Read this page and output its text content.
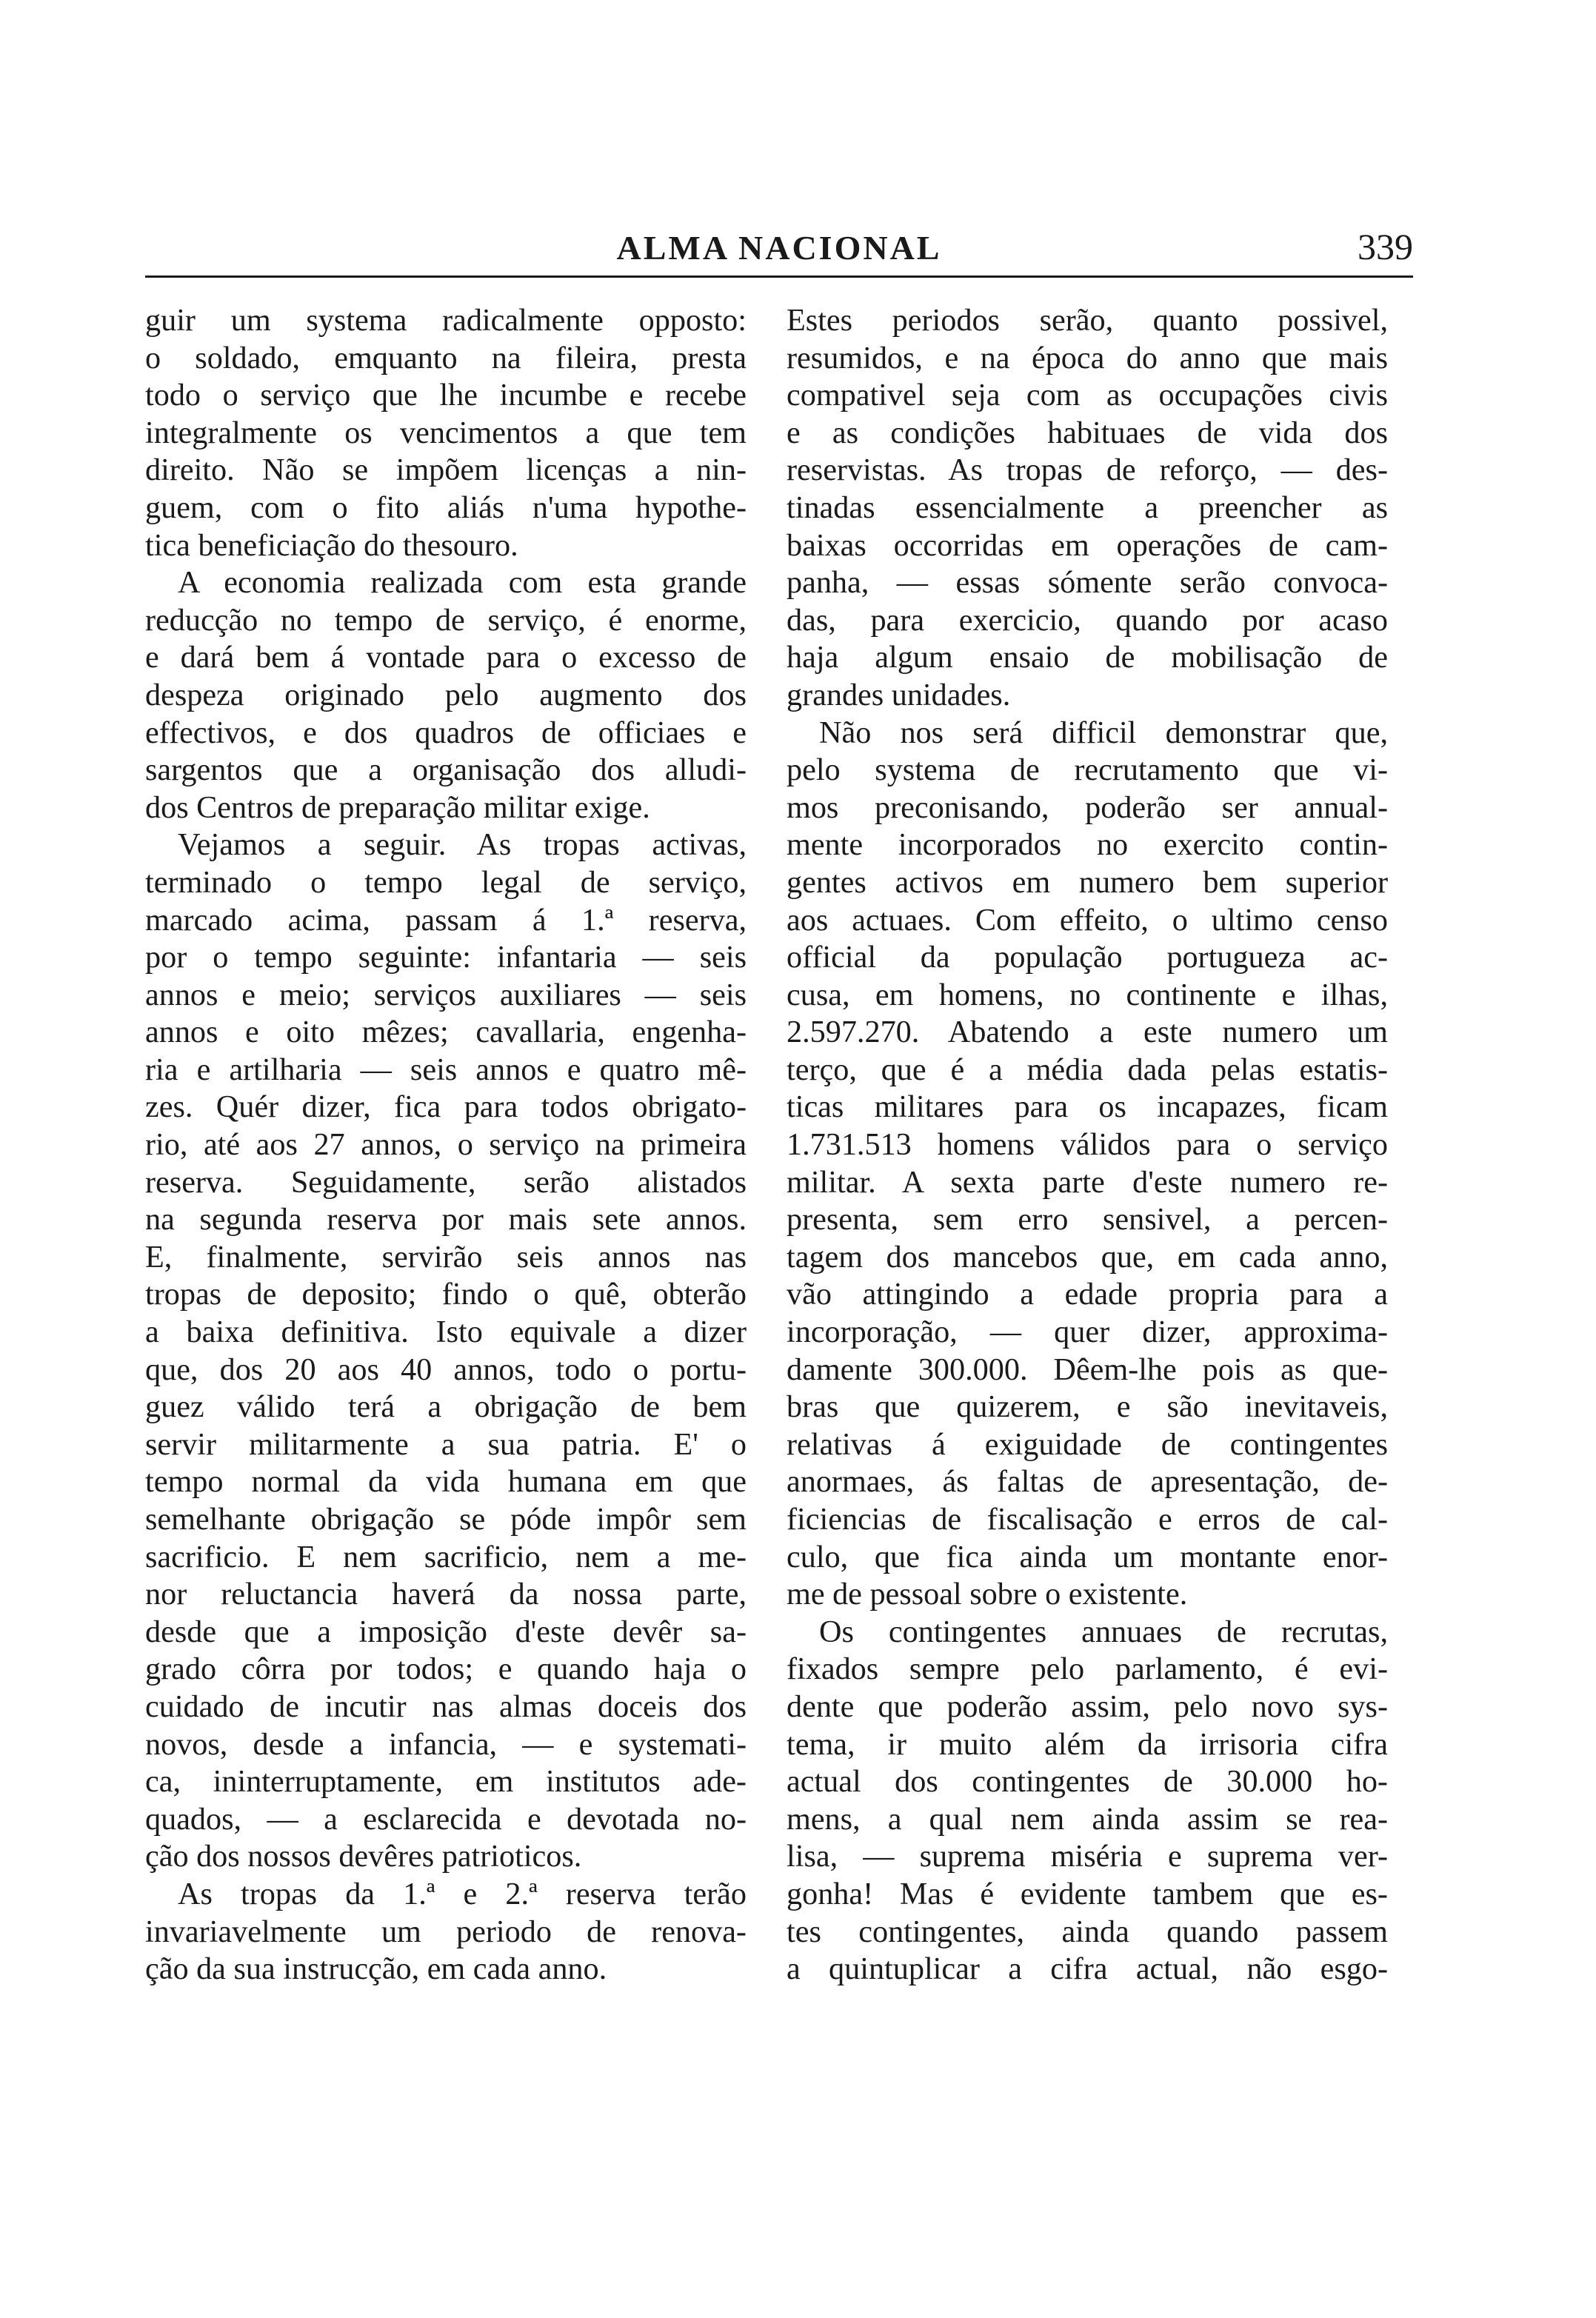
ALMA NACIONAL	339
guir um systema radicalmente opposto:
o soldado, emquanto na fileira, presta
todo o serviço que lhe incumbe e recebe
integralmente os vencimentos a que tem
direito. Não se impõem licenças a nin-
guem, com o fito aliás n'uma hypothe-
tica beneficiação do thesouro.
A economia realizada com esta grande
reducção no tempo de serviço, é enorme,
e dará bem á vontade para o excesso de
despeza originado pelo augmento dos
effectivos, e dos quadros de officiaes e
sargentos que a organisação dos alludi-
dos Centros de preparação militar exige.
Vejamos a seguir. As tropas activas,
terminado o tempo legal de serviço,
marcado acima, passam á 1.ª reserva,
por o tempo seguinte: infantaria — seis
annos e meio; serviços auxiliares — seis
annos e oito mêzes; cavallaria, engenha-
ria e artilharia — seis annos e quatro mê-
zes. Quér dizer, fica para todos obrigato-
rio, até aos 27 annos, o serviço na primeira
reserva. Seguidamente, serão alistados
na segunda reserva por mais sete annos.
E, finalmente, servirão seis annos nas
tropas de deposito; findo o quê, obterão
a baixa definitiva. Isto equivale a dizer
que, dos 20 aos 40 annos, todo o portu-
guez válido terá a obrigação de bem
servir militarmente a sua patria. E' o
tempo normal da vida humana em que
semelhante obrigação se póde impôr sem
sacrificio. E nem sacrificio, nem a me-
nor reluctancia haverá da nossa parte,
desde que a imposição d'este devêr sa-
grado côrra por todos; e quando haja o
cuidado de incutir nas almas doceis dos
novos, desde a infancia, — e systemati-
ca, ininterruptamente, em institutos ade-
quados, — a esclarecida e devotada no-
ção dos nossos devêres patrioticos.
As tropas da 1.ª e 2.ª reserva terão
invariavelmente um periodo de renova-
ção da sua instrucção, em cada anno.
Estes periodos serão, quanto possivel,
resumidos, e na época do anno que mais
compativel seja com as occupações civis
e as condições habituaes de vida dos
reservistas. As tropas de reforço, — des-
tinadas essencialmente a preencher as
baixas occorridas em operações de cam-
panha, — essas sómente serão convoca-
das, para exercicio, quando por acaso
haja algum ensaio de mobilisação de
grandes unidades.
Não nos será difficil demonstrar que,
pelo systema de recrutamento que vi-
mos preconisando, poderão ser annual-
mente incorporados no exercito contin-
gentes activos em numero bem superior
aos actuaes. Com effeito, o ultimo censo
official da população portugueza ac-
cusa, em homens, no continente e ilhas,
2.597.270. Abatendo a este numero um
terço, que é a média dada pelas estatis-
ticas militares para os incapazes, ficam
1.731.513 homens válidos para o serviço
militar. A sexta parte d'este numero re-
presenta, sem erro sensivel, a percen-
tagem dos mancebos que, em cada anno,
vão attingindo a edade propria para a
incorporação, — quer dizer, approxima-
damente 300.000. Dêem-lhe pois as que-
bras que quizerem, e são inevitaveis,
relativas á exiguidade de contingentes
anormaes, ás faltas de apresentação, de-
ficiencias de fiscalisação e erros de cal-
culo, que fica ainda um montante enor-
me de pessoal sobre o existente.
Os contingentes annuaes de recrutas,
fixados sempre pelo parlamento, é evi-
dente que poderão assim, pelo novo sys-
tema, ir muito além da irrisoria cifra
actual dos contingentes de 30.000 ho-
mens, a qual nem ainda assim se rea-
lisa, — suprema miséria e suprema ver-
gonha! Mas é evidente tambem que es-
tes contingentes, ainda quando passem
a quintuplicar a cifra actual, não esgo-
